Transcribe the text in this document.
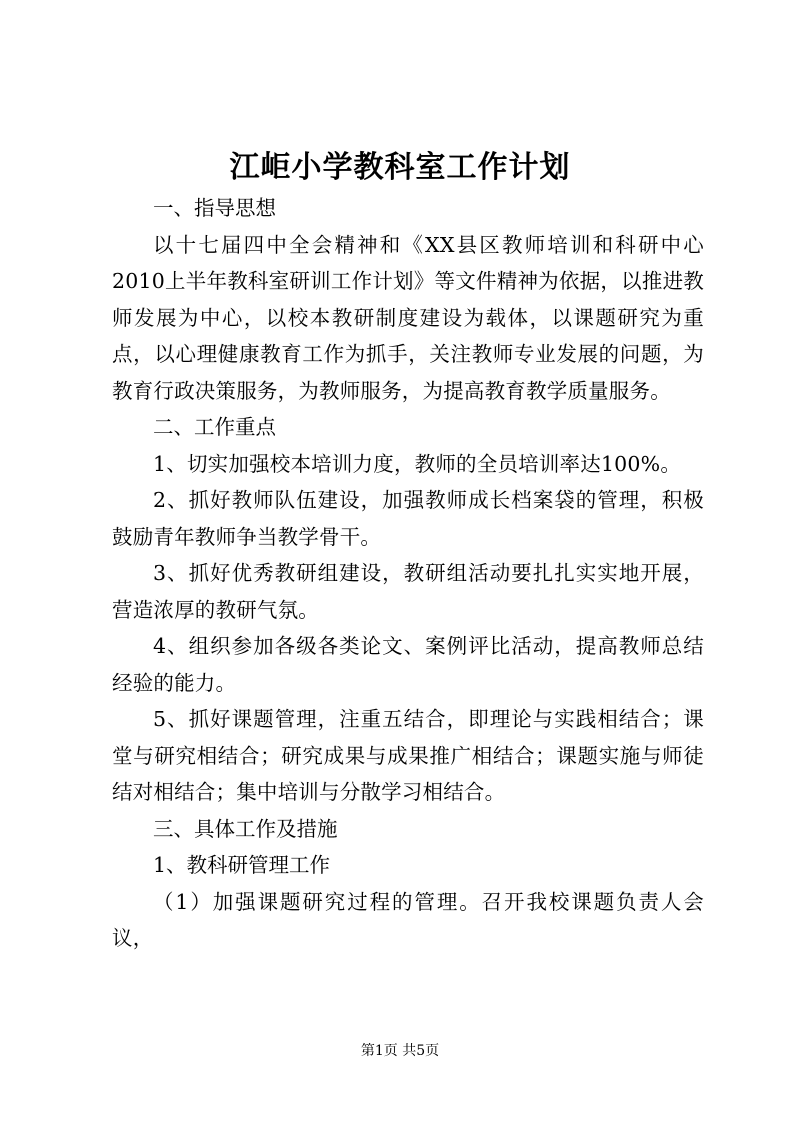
江岠小学教科室工作计划

一、指导思想

以十七届四中全会精神和《XX县区教师培训和科研中心2010上半年教科室研训工作计划》等文件精神为依据，以推进教师发展为中心，以校本教研制度建设为载体，以课题研究为重点，以心理健康教育工作为抓手，关注教师专业发展的问题，为教育行政决策服务，为教师服务，为提高教育教学质量服务。

二、工作重点

1、切实加强校本培训力度，教师的全员培训率达100%。

2、抓好教师队伍建设，加强教师成长档案袋的管理，积极鼓励青年教师争当教学骨干。

3、抓好优秀教研组建设，教研组活动要扎扎实实地开展，营造浓厚的教研气氛。

4、组织参加各级各类论文、案例评比活动，提高教师总结经验的能力。

5、抓好课题管理，注重五结合，即理论与实践相结合；课堂与研究相结合；研究成果与成果推广相结合；课题实施与师徒结对相结合；集中培训与分散学习相结合。

三、具体工作及措施

1、教科研管理工作

（1）加强课题研究过程的管理。召开我校课题负责人会议，

第1页 共5页
